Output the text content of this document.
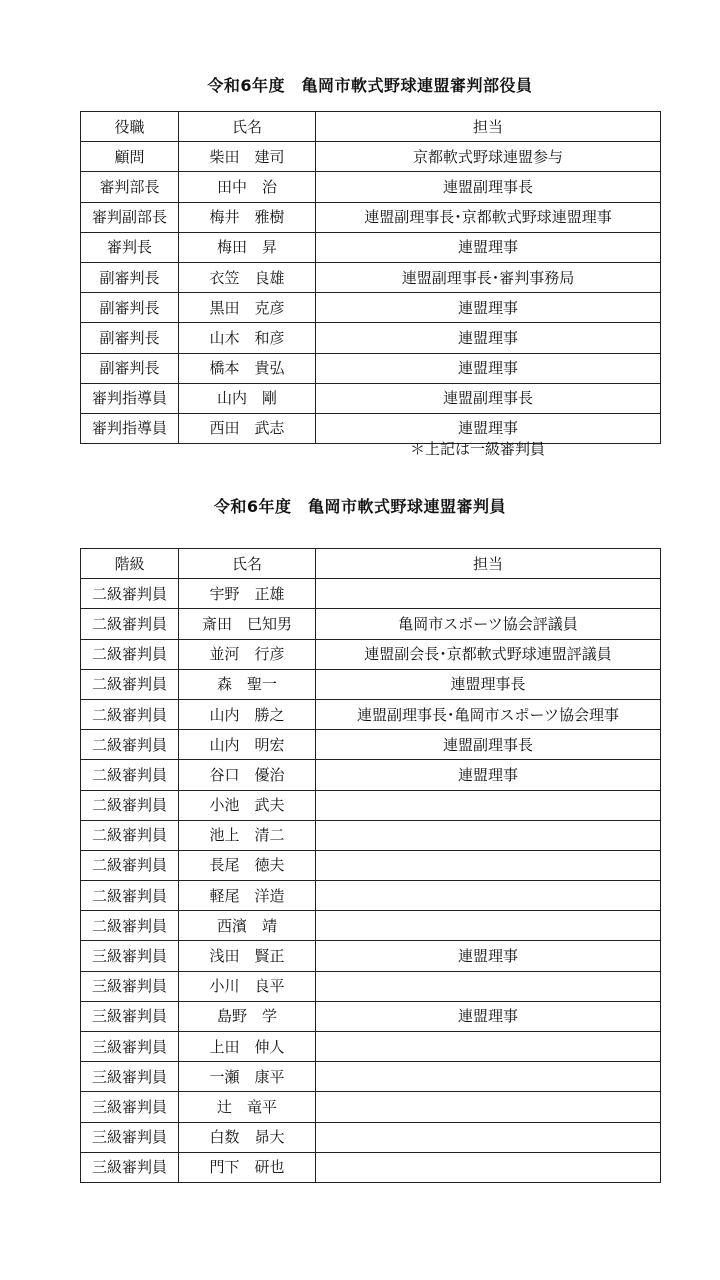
令和6年度　亀岡市軟式野球連盟審判部役員
役職	氏名	担当
顧問	柴田　建司	京都軟式野球連盟参与
審判部長	田中　治	連盟副理事長
審判副部長	梅井　雅樹	連盟副理事長･京都軟式野球連盟理事
審判長	梅田　昇	連盟理事
副審判長	衣笠　良雄	連盟副理事長･審判事務局
副審判長	黒田　克彦	連盟理事
副審判長	山木　和彦	連盟理事
副審判長	橋本　貴弘	連盟理事
審判指導員	山内　剛	連盟副理事長
審判指導員	西田　武志	連盟理事
＊上記は一級審判員
令和6年度　亀岡市軟式野球連盟審判員
階級	氏名	担当
二級審判員	宇野　正雄	
二級審判員	斎田　巳知男	亀岡市スポーツ協会評議員
二級審判員	並河　行彦	連盟副会長･京都軟式野球連盟評議員
二級審判員	森　聖一	連盟理事長
二級審判員	山内　勝之	連盟副理事長･亀岡市スポーツ協会理事
二級審判員	山内　明宏	連盟副理事長
二級審判員	谷口　優治	連盟理事
二級審判員	小池　武夫	
二級審判員	池上　清二	
二級審判員	長尾　徳夫	
二級審判員	軽尾　洋造	
二級審判員	西濱　靖	
三級審判員	浅田　賢正	連盟理事
三級審判員	小川　良平	
三級審判員	島野　学	連盟理事
三級審判員	上田　伸人	
三級審判員	一瀬　康平	
三級審判員	辻　竜平	
三級審判員	白数　昴大	
三級審判員	門下　研也	
